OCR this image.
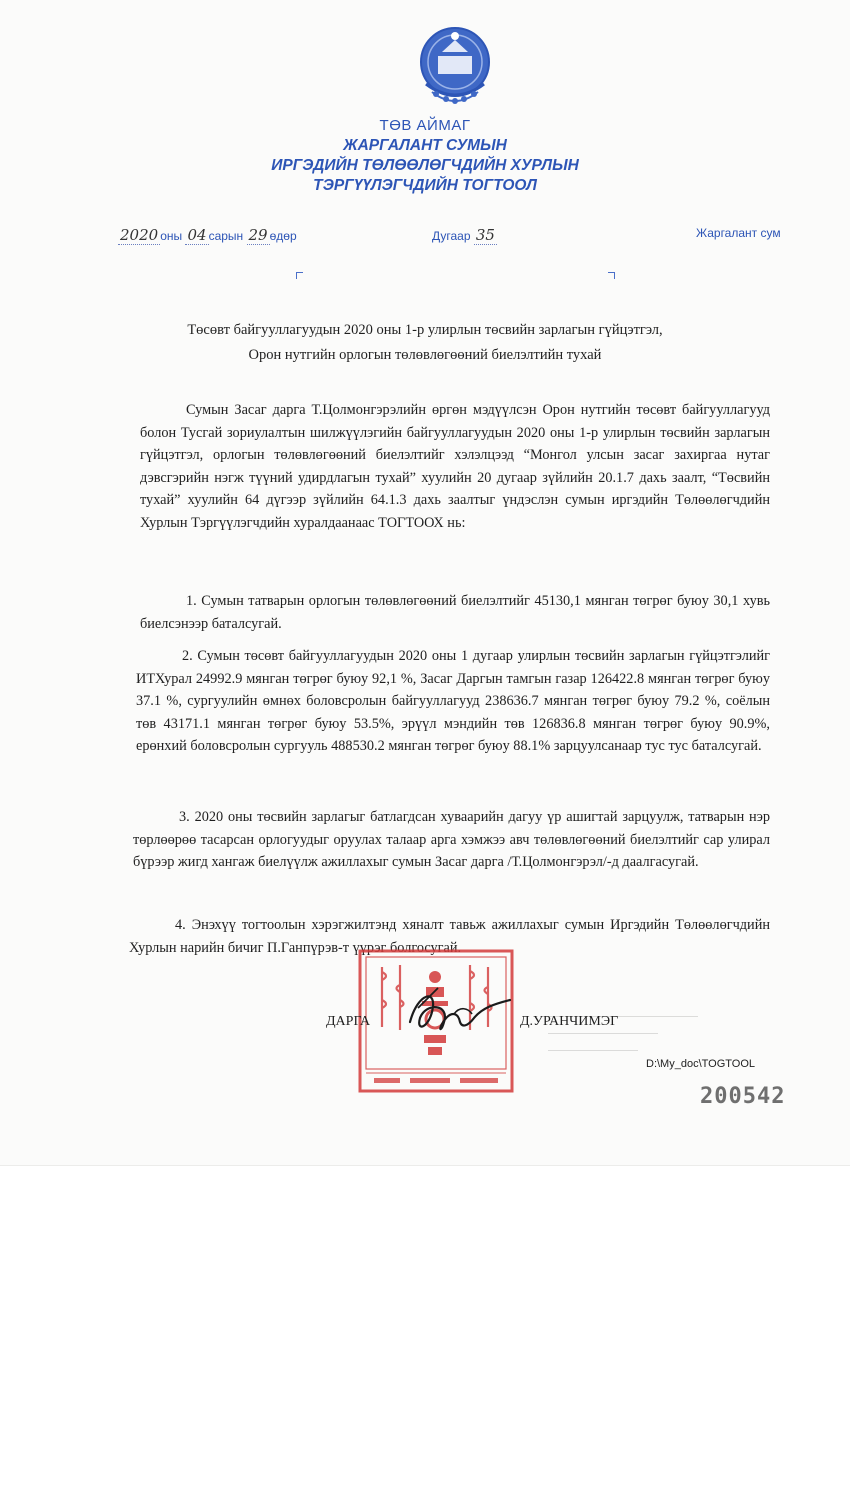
ТӨВ АЙМАГ
ЖАРГАЛАНТ СУМЫН
ИРГЭДИЙН ТӨЛӨӨЛӨГЧДИЙН ХУРЛЫН
ТЭРГҮҮЛЭГЧДИЙН ТОГТООЛ
2020 оны 04 сарын 29 өдөр	Дугаар 35	Жаргалант сум
Төсөвт байгууллагуудын 2020 оны 1-р улирлын төсвийн зарлагын гүйцэтгэл,
Орон нутгийн орлогын төлөвлөгөөний биелэлтийн тухай
Сумын Засаг дарга Т.Цолмонгэрэлийн өргөн мэдүүлсэн Орон нутгийн төсөвт байгууллагууд болон Тусгай зориулалтын шилжүүлэгийн байгууллагуудын 2020 оны 1-р улирлын төсвийн зарлагын гүйцэтгэл, орлогын төлөвлөгөөний биелэлтийг хэлэлцээд “Монгол улсын засаг захиргаа нутаг дэвсгэрийн нэгж түүний удирдлагын тухай” хуулийн 20 дугаар зүйлийн 20.1.7 дахь заалт, “Төсвийн тухай” хуулийн 64 дүгээр зүйлийн 64.1.3 дахь заалтыг үндэслэн сумын иргэдийн Төлөөлөгчдийн Хурлын Тэргүүлэгчдийн хуралдаанаас ТОГТООХ нь:
1. Сумын татварын орлогын төлөвлөгөөний биелэлтийг 45130,1 мянган төгрөг буюу 30,1 хувь биелсэнээр баталсугай.
2. Сумын төсөвт байгууллагуудын 2020 оны 1 дугаар улирлын төсвийн зарлагын гүйцэтгэлийг ИТХурал 24992.9 мянган төгрөг буюу 92,1 %, Засаг Даргын тамгын газар 126422.8 мянган төгрөг буюу 37.1 %, сургуулийн өмнөх боловсролын байгууллагууд 238636.7 мянган төгрөг буюу 79.2 %, соёлын төв 43171.1 мянган төгрөг буюу 53.5%, эрүүл мэндийн төв 126836.8 мянган төгрөг буюу 90.9%, ерөнхий боловсролын сургууль 488530.2 мянган төгрөг буюу 88.1% зарцуулсанаар тус тус баталсугай.
3. 2020 оны төсвийн зарлагыг батлагдсан хуваарийн дагуу үр ашигтай зарцуулж, татварын нэр төрлөөрөө тасарсан орлогуудыг оруулах талаар арга хэмжээ авч төлөвлөгөөний биелэлтийг сар улирал бүрээр жигд хангаж биелүүлж ажиллахыг сумын Засаг дарга /Т.Цолмонгэрэл/-д даалгасугай.
4. Энэхүү тогтоолын хэрэгжилтэнд хяналт тавьж ажиллахыг сумын Иргэдийн Төлөөлөгчдийн Хурлын нарийн бичиг П.Ганпүрэв-т үүрэг болгосугай.
ДАРГА	Д.УРАНЧИМЭГ
D:\My_doc\TOGTOOL
200542
